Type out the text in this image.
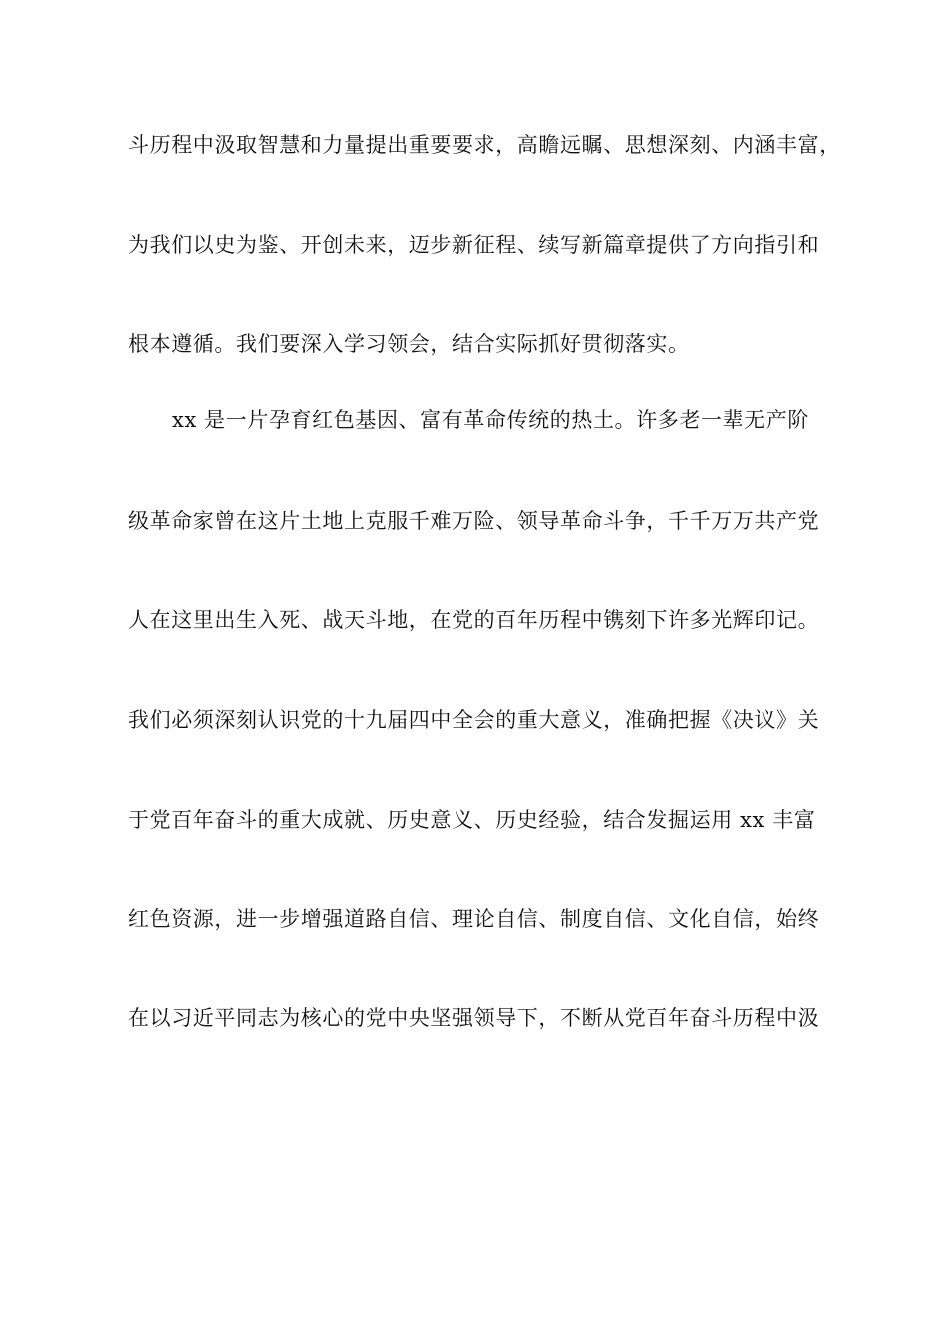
斗历程中汲取智慧和力量提出重要要求，高瞻远瞩、思想深刻、内涵丰富，
为我们以史为鉴、开创未来，迈步新征程、续写新篇章提供了方向指引和
根本遵循。我们要深入学习领会，结合实际抓好贯彻落实。
xx 是一片孕育红色基因、富有革命传统的热土。许多老一辈无产阶
级革命家曾在这片土地上克服千难万险、领导革命斗争，千千万万共产党
人在这里出生入死、战天斗地，在党的百年历程中镌刻下许多光辉印记。
我们必须深刻认识党的十九届四中全会的重大意义，准确把握《决议》关
于党百年奋斗的重大成就、历史意义、历史经验，结合发掘运用 xx 丰富
红色资源，进一步增强道路自信、理论自信、制度自信、文化自信，始终
在以习近平同志为核心的党中央坚强领导下，不断从党百年奋斗历程中汲
